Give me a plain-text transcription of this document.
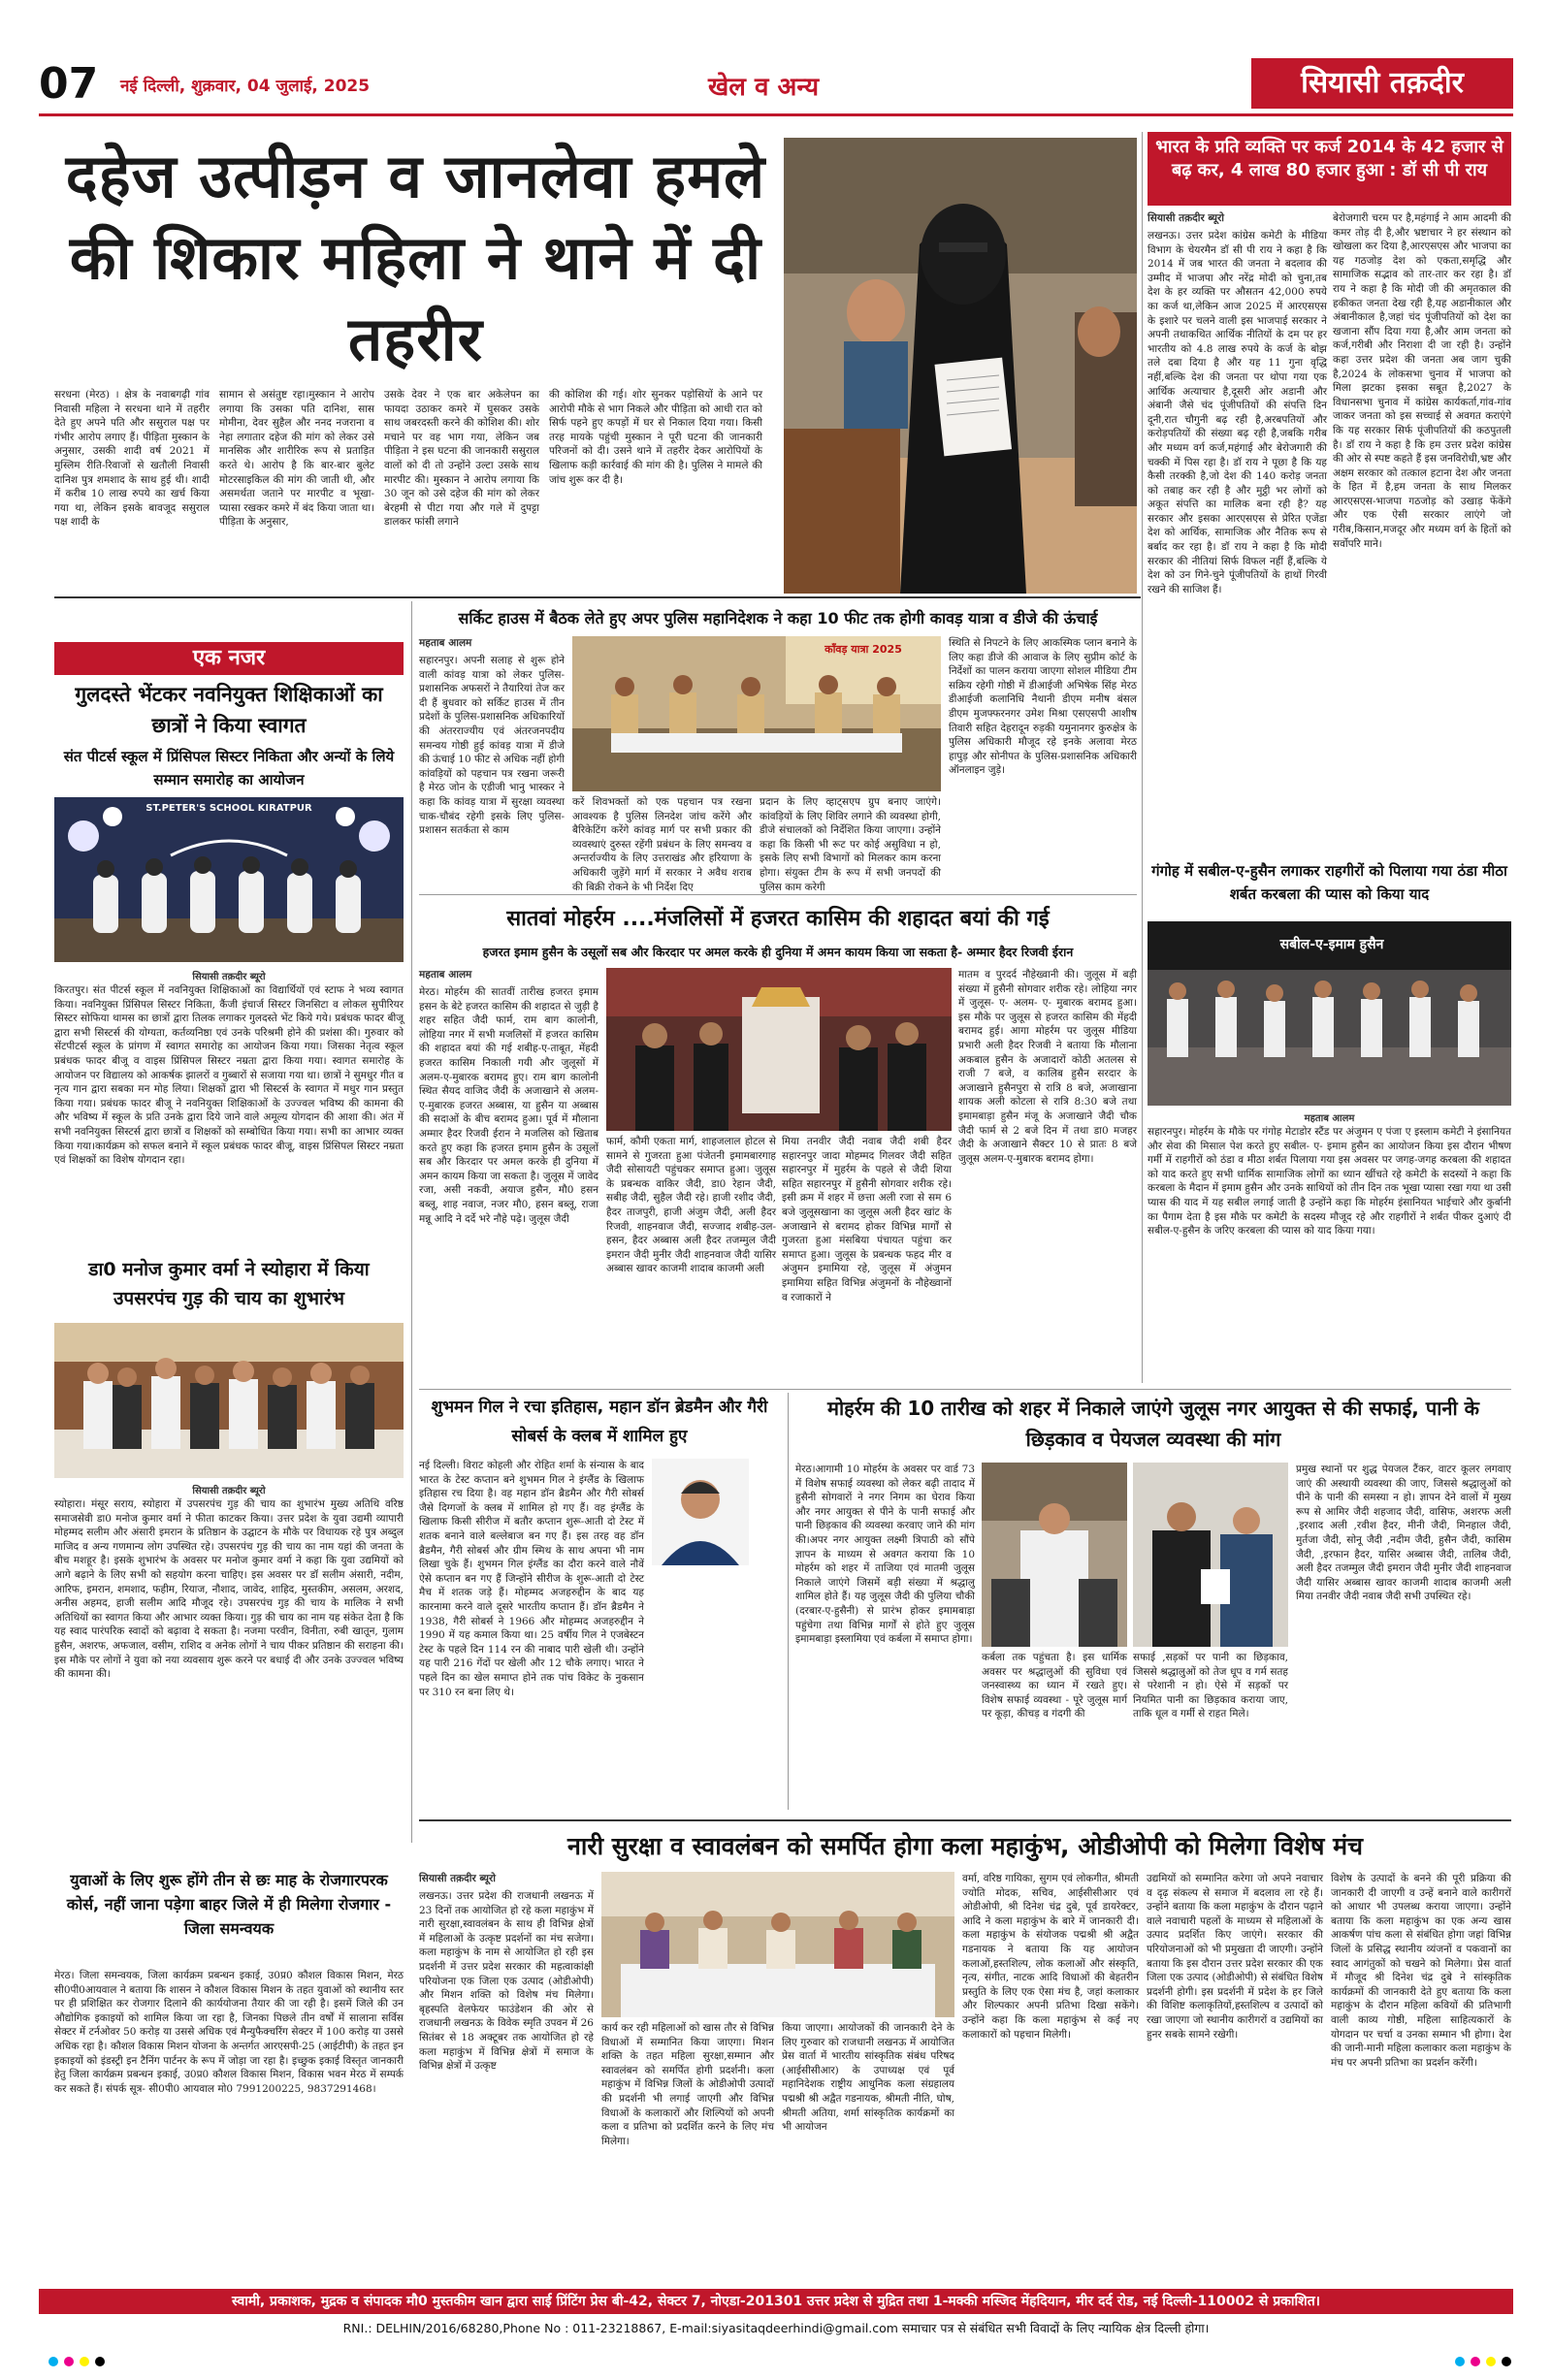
07	नई दिल्ली, शुक्रवार, 04 जुलाई, 2025	खेल व अन्य	सियासी तक़दीर
दहेज उत्पीड़न व जानलेवा हमले की शिकार महिला ने थाने में दी तहरीर
सरधना (मेरठ) । क्षेत्र के नवाबगढ़ी गांव निवासी महिला ने सरधना थाने में तहरीर देते हुए अपने पति और ससुराल पक्ष पर गंभीर आरोप लगाए हैं। पीड़िता मुस्कान के अनुसार, उसकी शादी वर्ष 2021 में मुस्लिम रीति-रिवाजों से खतौली निवासी दानिश पुत्र शमशाद के साथ हुई थी। शादी में करीब 10 लाख रुपये का खर्च किया गया था, लेकिन इसके बावजूद ससुराल पक्ष शादी के
सामान से असंतुष्ट रहा।मुस्कान ने आरोप लगाया कि उसका पति दानिश, सास मोमीना, देवर सुहैल और ननद नजराना व नेहा लगातार दहेज की मांग को लेकर उसे मानसिक और शारीरिक रूप से प्रताड़ित करते थे। आरोप है कि बार-बार बुलेट मोटरसाइकिल की मांग की जाती थी, और असमर्थता जताने पर मारपीट व भूखा-प्यासा रखकर कमरे में बंद किया जाता था। पीड़िता के अनुसार,
उसके देवर ने एक बार अकेलेपन का फायदा उठाकर कमरे में घुसकर उसके साथ जबरदस्ती करने की कोशिश की। शोर मचाने पर वह भाग गया, लेकिन जब पीड़िता ने इस घटना की जानकारी ससुराल वालों को दी तो उन्होंने उल्टा उसके साथ मारपीट की। मुस्कान ने आरोप लगाया कि 30 जून को उसे दहेज की मांग को लेकर बेरहमी से पीटा गया और गले में दुपट्टा डालकर फांसी लगाने
की कोशिश की गई। शोर सुनकर पड़ोसियों के आने पर आरोपी मौके से भाग निकले और पीड़िता को आधी रात को सिर्फ पहने हुए कपड़ों में घर से निकाल दिया गया। किसी तरह मायके पहुंची मुस्कान ने पूरी घटना की जानकारी परिजनों को दी। उसने थाने में तहरीर देकर आरोपियों के खिलाफ कड़ी कार्रवाई की मांग की है। पुलिस ने मामले की जांच शुरू कर दी है।
भारत के प्रति व्यक्ति पर कर्ज 2014 के 42 हजार से बढ़ कर, 4 लाख 80 हजार हुआ : डॉ सी पी राय
सियासी तक़दीर ब्यूरो
लखनऊ। उत्तर प्रदेश कांग्रेस कमेटी के मीडिया विभाग के चेयरमैन डॉ सी पी राय ने कहा है कि 2014 में जब भारत की जनता ने बदलाव की उम्मीद में भाजपा और नरेंद्र मोदी को चुना,तब देश के हर व्यक्ति पर औसतन 42,000 रुपये का कर्ज था,लेकिन आज 2025 में आरएसएस के इशारे पर चलने वाली इस भाजपाई सरकार ने अपनी तथाकथित आर्थिक नीतियों के दम पर हर भारतीय को 4.8 लाख रुपये के कर्ज के बोझ तले दबा दिया है और यह 11 गुना वृद्धि नहीं,बल्कि देश की जनता पर थोपा गया एक आर्थिक अत्याचार है,दूसरी ओर अडानी और अंबानी जैसे चंद पूंजीपतियों की संपत्ति दिन दूनी,रात चौगुनी बढ़ रही है,अरबपतियों और करोड़पतियों की संख्या बढ़ रही है,जबकि गरीब और मध्यम वर्ग कर्ज,महंगाई और बेरोजगारी की चक्की में पिस रहा है। डॉ राय ने पूछा है कि यह कैसी तरक्की है,जो देश की 140 करोड़ जनता को तबाह कर रही है और मुट्ठी भर लोगों को अकूत संपत्ति का मालिक बना रही है? यह सरकार और इसका आरएसएस से प्रेरित एजेंडा देश को आर्थिक, सामाजिक और नैतिक रूप से बर्बाद कर रहा है। डॉ राय ने कहा है कि मोदी सरकार की नीतियां सिर्फ विफल नहीं हैं,बल्कि ये देश को उन गिने-चुने पूंजीपतियों के हाथों गिरवी रखने की साजिश हैं।
बेरोजगारी चरम पर है,महंगाई ने आम आदमी की कमर तोड़ दी है,और भ्रष्टाचार ने हर संस्थान को खोखला कर दिया है,आरएसएस और भाजपा का यह गठजोड़ देश को एकता,समृद्धि और सामाजिक सद्भाव को तार-तार कर रहा है। डॉ राय ने कहा है कि मोदी जी की अमृतकाल की हकीकत जनता देख रही है,यह अडानीकाल और अंबानीकाल है,जहां चंद पूंजीपतियों को देश का खजाना सौंप दिया गया है,और आम जनता को कर्ज,गरीबी और निराशा दी जा रही है। उन्होंने कहा उत्तर प्रदेश की जनता अब जाग चुकी है,2024 के लोकसभा चुनाव में भाजपा को मिला झटका इसका सबूत है,2027 के विधानसभा चुनाव में कांग्रेस कार्यकर्ता,गांव-गांव जाकर जनता को इस सच्चाई से अवगत कराएंगे कि यह सरकार सिर्फ पूंजीपतियों की कठपुतली है। डॉ राय ने कहा है कि हम उत्तर प्रदेश कांग्रेस की ओर से स्पष्ट कहते हैं इस जनविरोधी,भ्रष्ट और अक्षम सरकार को तत्काल हटाना देश और जनता के हित में है,हम जनता के साथ मिलकर आरएसएस-भाजपा गठजोड़ को उखाड़ फेंकेंगे और एक ऐसी सरकार लाएंगे जो गरीब,किसान,मजदूर और मध्यम वर्ग के हितों को सर्वोपरि माने।
एक नजर
गुलदस्ते भेंटकर नवनियुक्त शिक्षिकाओं का छात्रों ने किया स्वागत
संत पीटर्स स्कूल में प्रिंसिपल सिस्टर निकिता और अन्यों के लिये सम्मान समारोह का आयोजन
ST.PETER'S SCHOOL KIRATPUR
सियासी तक़दीर ब्यूरो
किरतपुर। संत पीटर्स स्कूल में नवनियुक्त शिक्षिकाओं का विद्यार्थियों एवं स्टाफ ने भव्य स्वागत किया। नवनियुक्त प्रिंसिपल सिस्टर निकिता, कैंजी इंचार्ज सिस्टर जिनसिटा व लोकल सुपीरियर सिस्टर सोफिया थामस का छात्रों द्वारा तिलक लगाकर गुलदस्ते भेंट किये गये। प्रबंधक फादर बीजू द्वारा सभी सिस्टर्स की योग्यता, कर्तव्यनिष्ठा एवं उनके परिश्रमी होने की प्रशंसा की। गुरुवार को सेंटपीटर्स स्कूल के प्रांगण में स्वागत समारोह का आयोजन किया गया। जिसका नेतृत्व स्कूल प्रबंधक फादर बीजू व वाइस प्रिंसिपल सिस्टर नम्रता द्वारा किया गया। स्वागत समारोह के आयोजन पर विद्यालय को आकर्षक झालरों व गुब्बारों से सजाया गया था। छात्रों ने सुमधुर गीत व नृत्य गान द्वारा सबका मन मोह लिया। शिक्षकों द्वारा भी सिस्टर्स के स्वागत में मधुर गान प्रस्तुत किया गया। प्रबंधक फादर बीजू ने नवनियुक्त शिक्षिकाओं के उज्ज्वल भविष्य की कामना की और भविष्य में स्कूल के प्रति उनके द्वारा दिये जाने वाले अमूल्य योगदान की आशा की। अंत में सभी नवनियुक्त सिस्टर्स द्वारा छात्रों व शिक्षकों को सम्बोधित किया गया। सभी का आभार व्यक्त किया गया।कार्यक्रम को सफल बनाने में स्कूल प्रबंधक फादर बीजू, वाइस प्रिंसिपल सिस्टर नम्रता एवं शिक्षकों का विशेष योगदान रहा।
डा0 मनोज कुमार वर्मा ने स्योहारा में किया उपसरपंच गुड़ की चाय का शुभारंभ
सियासी तक़दीर ब्यूरो
स्योहारा। मंसूर सराय, स्योहारा में उपसरपंच गुड़ की चाय का शुभारंभ मुख्य अतिथि वरिष्ठ समाजसेवी डा0 मनोज कुमार वर्मा ने फीता काटकर किया। उत्तर प्रदेश के युवा उद्यमी व्यापारी मोहम्मद सलीम और अंसारी इमरान के प्रतिष्ठान के उद्घाटन के मौके पर विधायक रहे पुत्र अब्दुल माजिद व अन्य गणमान्य लोग उपस्थित रहे। उपसरपंच गुड़ की चाय का नाम यहां की जनता के बीच मशहूर है। इसके शुभारंभ के अवसर पर मनोज कुमार वर्मा ने कहा कि युवा उद्यमियों को आगे बढ़ाने के लिए सभी को सहयोग करना चाहिए। इस अवसर पर डॉ सलीम अंसारी, नदीम, आरिफ, इमरान, शमशाद, फहीम, रियाज, नौशाद, जावेद, शाहिद, मुस्तकीम, असलम, अरशद, अनीस अहमद, हाजी सलीम आदि मौजूद रहे। उपसरपंच गुड़ की चाय के मालिक ने सभी अतिथियों का स्वागत किया और आभार व्यक्त किया। गुड़ की चाय का नाम यह संकेत देता है कि यह स्वाद पारंपरिक स्वादों को बढ़ावा दे सकता है। नजमा परवीन, विनीता, रुबी खातून, गुलाम हुसैन, अशरफ, अफजाल, वसीम, राशिद व अनेक लोगों ने चाय पीकर प्रतिष्ठान की सराहना की। इस मौके पर लोगों ने युवा को नया व्यवसाय शुरू करने पर बधाई दी और उनके उज्ज्वल भविष्य की कामना की।
युवाओं के लिए शुरू होंगे तीन से छः माह के रोजगारपरक कोर्स, नहीं जाना पड़ेगा बाहर जिले में ही मिलेगा रोजगार - जिला समन्वयक
मेरठ। जिला समन्वयक, जिला कार्यक्रम प्रबन्धन इकाई, उ0प्र0 कौशल विकास मिशन, मेरठ सी0पी0आयवाल ने बताया कि शासन ने कौशल विकास मिशन के तहत युवाओं को स्थानीय स्तर पर ही प्रशिक्षित कर रोजगार दिलाने की कार्ययोजना तैयार की जा रही है। इसमें जिले की उन औद्योगिक इकाइयों को शामिल किया जा रहा है, जिनका पिछले तीन वर्षों में सालाना सर्विस सेक्टर में टर्नओवर 50 करोड़ या उससे अधिक एवं मैन्युफैक्चरिंग सेक्टर में 100 करोड़ या उससे अधिक रहा है। कौशल विकास मिशन योजना के अन्तर्गत आरएसपी-25 (आईटीपी) के तहत इन इकाइयों को इंडस्ट्री इन टैनिंग पार्टनर के रूप में जोड़ा जा रहा है। इच्छुक इकाई विस्तृत जानकारी हेतु जिला कार्यक्रम प्रबन्धन इकाई, उ0प्र0 कौशल विकास मिशन, विकास भवन मेरठ में सम्पर्क कर सकते हैं। संपर्क सूत्र- सी0पी0 आयवाल मो0 7991200225, 9837291468।
सर्किट हाउस में बैठक लेते हुए अपर पुलिस महानिदेशक ने कहा 10 फीट तक होगी कावड़ यात्रा व डीजे की ऊंचाई
महताब आलम
सहारनपुर। अपनी सलाह से शुरू होने वाली कांवड़ यात्रा को लेकर पुलिस-प्रशासनिक अफसरों ने तैयारियां तेज कर दी हैं बुधवार को सर्किट हाउस में तीन प्रदेशों के पुलिस-प्रशासनिक अधिकारियों की अंतरराज्यीय एवं अंतरजनपदीय समन्वय गोष्ठी हुई कांवड़ यात्रा में डीजे की ऊंचाई 10 फीट से अधिक नहीं होगी कांवड़ियों को पहचान पत्र रखना जरूरी है मेरठ जोन के एडीजी भानु भास्कर ने कहा कि कांवड़ यात्रा में सुरक्षा व्यवस्था चाक-चौबंद रहेगी इसके लिए पुलिस-प्रशासन सतर्कता से काम
काँवड़ यात्रा 2025
करें शिवभक्तों को एक पहचान पत्र रखना आवश्यक है पुलिस लिनदेश जांच करेंगे और बैरिकेटिंग करेंगे कांवड़ मार्ग पर सभी प्रकार की व्यवस्थाएं दुरुस्त रहेंगी प्रबंधन के लिए समन्वय व अन्तर्राज्यीय के लिए उत्तराखंड और हरियाणा के अधिकारी जुड़ेंगे मार्ग में सरकार ने अवैध शराब की बिक्री रोकने के भी निर्देश दिए
प्रदान के लिए व्हाट्सएप ग्रुप बनाए जाएंगे। कांवड़ियों के लिए शिविर लगाने की व्यवस्था होगी, डीजे संचालकों को निर्देशित किया जाएगा। उन्होंने कहा कि किसी भी रूट पर कोई असुविधा न हो, इसके लिए सभी विभागों को मिलकर काम करना होगा। संयुक्त टीम के रूप में सभी जनपदों की पुलिस काम करेगी
स्थिति से निपटने के लिए आकस्मिक प्लान बनाने के लिए कहा डीजे की आवाज के लिए सुप्रीम कोर्ट के निर्देशों का पालन कराया जाएगा सोशल मीडिया टीम सक्रिय रहेगी गोष्ठी में डीआईजी अभिषेक सिंह मेरठ डीआईजी कलानिधि नैथानी डीएम मनीष बंसल डीएम मुजफ्फरनगर उमेश मिश्रा एसएसपी आशीष तिवारी सहित देहरादून रुड़की यमुनानगर कुरुक्षेत्र के पुलिस अधिकारी मौजूद रहे इनके अलावा मेरठ हापुड़ और सोनीपत के पुलिस-प्रशासनिक अधिकारी ऑनलाइन जुड़े।
गंगोह में सबील-ए-हुसैन लगाकर राहगीरों को पिलाया गया ठंडा मीठा शर्बत करबला की प्यास को किया याद
सबील-ए-इमाम हुसैन
महताब आलम
सहारनपुर। मोहर्रम के मौके पर गंगोह मेटाडोर स्टैंड पर अंजुमन ए पंजा ए इस्लाम कमेटी ने इंसानियत और सेवा की मिसाल पेश करते हुए सबील- ए- इमाम हुसैन का आयोजन किया इस दौरान भीषण गर्मी में राहगीरों को ठंडा व मीठा शर्बत पिलाया गया इस अवसर पर जगह-जगह करबला की शहादत को याद करते हुए सभी धार्मिक सामाजिक लोगों का ध्यान खींचते रहे कमेटी के सदस्यों ने कहा कि करबला के मैदान में इमाम हुसैन और उनके साथियों को तीन दिन तक भूखा प्यासा रखा गया था उसी प्यास की याद में यह सबील लगाई जाती है उन्होंने कहा कि मोहर्रम इंसानियत भाईचारे और कुर्बानी का पैगाम देता है इस मौके पर कमेटी के सदस्य मौजूद रहे और राहगीरों ने शर्बत पीकर दुआएं दी सबील-ए-हुसैन के जरिए करबला की प्यास को याद किया गया।
सातवां मोहर्रम ....मंजलिसों में हजरत कासिम की शहादत बयां की गई
हजरत इमाम हुसैन के उसूलों सब और किरदार पर अमल करके ही दुनिया में अमन कायम किया जा सकता है- अम्मार हैदर रिजवी ईरान
महताब आलम
मेरठ। मोहर्रम की सातवीं तारीख हजरत इमाम हसन के बेटे हजरत कासिम की शहादत से जुड़ी है शहर सहित जैदी फार्म, राम बाग कालोनी, लोहिया नगर में सभी मजलिसों में हजरत कासिम की शहादत बयां की गई शबीह-ए-ताबूत, मेंहदी हजरत कासिम निकाली गयी और जुलूसों में अलम-ए-मुबारक बरामद हुए। राम बाग कालोनी स्थित सैयद वाजिद जैदी के अजाखाने से अलम-ए-मुबारक हजरत अब्बास, या हुसैन या अब्बास की सदाओं के बीच बरामद हुआ। पूर्व में मौलाना अम्मार हैदर रिजवी ईरान ने मजलिस को खिताब करते हुए कहा कि हजरत इमाम हुसैन के उसूलों सब और किरदार पर अमल करके ही दुनिया में अमन कायम किया जा सकता है। जुलूस में जावेद रजा, असी नकवी, अयाज हुसैन, मौ0 हसन बब्लू, शाह नवाज, नजर मौ0, हसन बब्लू, राजा मन्नू आदि ने दर्दे भरे नौहे पढ़े। जुलूस जैदी
फार्म, कौमी एकता मार्ग, शाहजलाल होटल से सामने से गुजरता हुआ पंजेतनी इमामबारगाह जैदी सोसायटी पहुंचकर समाप्त हुआ। जुलूस के प्रबन्धक वाकिर जैदी, डा0 रेहान जैदी, सबीह जैदी, सुहैल जैदी रहे। हाजी रशीद जैदी, हैदर ताजपुरी, हाजी अंजुम जैदी, अली हैदर रिजवी, शाहनवाज जैदी, सज्जाद शबीह-उल-हसन, हैदर अब्बास अली हैदर तजम्मुल जैदी इमरान जैदी मुनीर जैदी शाहनवाज जैदी यासिर अब्बास खावर काजमी शादाब काजमी अली
मिया तनवीर जैदी नवाब जैदी शबी हैदर सहारनपुर जादा मोहम्मद गिलवर जैदी सहित सहारनपुर में मुहर्रम के पहले से जैदी शिया सहित सहारनपुर में हुसैनी सोगवार शरीक रहे। इसी क्रम में शहर में छत्ता अली रजा से सम 6 बजे जुलूसखाना का जुलूस अली हैदर खांट के अजाखाने से बरामद होकर विभिन्न मार्गों से गुजरता हुआ मंसबिया पंचायत पहुंचा कर समाप्त हुआ। जुलूस के प्रबन्धक फहद मीर व अंजुमन इमामिया रहे, जुलूस में अंजुमन इमामिया सहित विभिन्न अंजुमनों के नौहेख्वानों व रजाकारों ने
मातम व पुरदर्द नौहेख्वानी की। जुलूस में बड़ी संख्या में हुसैनी सोगवार शरीक रहे। लोहिया नगर में जुलूस- ए- अलम- ए- मुबारक बरामद हुआ। इस मौके पर जुलूस से हजरत कासिम की मेंहदी बरामद हुई। आगा मोहर्रम पर जुलूस मीडिया प्रभारी अली हैदर रिजवी ने बताया कि मौलाना अकबाल हुसैन के अजादारों कोठी अतलस से राजी 7 बजे, व कालिब हुसैन सरदार के अजाखाने हुसैनपुरा से रात्रि 8 बजे, अजाखाना शायक अली कोटला से रात्रि 8:30 बजे तथा इमामबाड़ा हुसैन मंजू के अजाखाने जैदी चौक जैदी फार्म से 2 बजे दिन में तथा डा0 मजहर जैदी के अजाखाने सैक्टर 10 से प्रातः 8 बजे जुलूस अलम-ए-मुबारक बरामद होगा।
शुभमन गिल ने रचा इतिहास, महान डॉन ब्रेडमैन और गैरी सोबर्स के क्लब में शामिल हुए
नई दिल्ली। विराट कोहली और रोहित शर्मा के संन्यास के बाद भारत के टेस्ट कप्तान बने शुभमन गिल ने इंग्लैंड के खिलाफ इतिहास रच दिया है। वह महान डॉन ब्रैडमैन और गैरी सोबर्स जैसे दिग्गजों के क्लब में शामिल हो गए हैं। वह इंग्लैंड के खिलाफ किसी सीरीज में बतौर कप्तान शुरू-आती दो टेस्ट में शतक बनाने वाले बल्लेबाज बन गए हैं। इस तरह वह डॉन ब्रैडमैन, गैरी सोबर्स और ग्रीम स्मिथ के साथ अपना भी नाम लिखा चुके हैं। शुभमन गिल इंग्लैंड का दौरा करने वाले नौवें ऐसे कप्तान बन गए हैं जिन्होंने सीरीज के शुरू-आती दो टेस्ट मैच में शतक जड़े हैं। मोहम्मद अजहरुद्दीन के बाद यह कारनामा करने वाले दूसरे भारतीय कप्तान हैं। डॉन ब्रैडमैन ने 1938, गैरी सोबर्स ने 1966 और मोहम्मद अजहरुद्दीन ने 1990 में यह कमाल किया था। 25 वर्षीय गिल ने एजबेस्टन टेस्ट के पहले दिन 114 रन की नाबाद पारी खेली थी। उन्होंने यह पारी 216 गेंदों पर खेली और 12 चौके लगाए। भारत ने पहले दिन का खेल समाप्त होने तक पांच विकेट के नुकसान पर 310 रन बना लिए थे।
मोहर्रम की 10 तारीख को शहर में निकाले जाएंगे जुलूस नगर आयुक्त से की सफाई, पानी के छिड़काव व पेयजल व्यवस्था की मांग
मेरठ।आगामी 10 मोहर्रम के अवसर पर वार्ड 73 में विशेष सफाई व्यवस्था को लेकर बढ़ी तादाद में हुसैनी सोगवारों ने नगर निगम का घेराव किया और नगर आयुक्त से पीने के पानी सफाई और पानी छिड़काव की व्यवस्था करवाए जाने की मांग की।अपर नगर आयुक्त लक्ष्मी त्रिपाठी को सौंपे ज्ञापन के माध्यम से अवगत कराया कि 10 मोहर्रम को शहर में ताजिया एवं मातमी जुलूस निकाले जाएंगे जिसमें बड़ी संख्या में श्रद्धालु शामिल होते हैं। यह जुलूस जैदी की पुलिया चौकी (दरबार-ए-हुसैनी) से प्रारंभ होकर इमामबाड़ा पहुंचेगा तथा विभिन्न मार्गों से होते हुए जुलूस इमामबाड़ा इस्लामिया एवं कर्बला में समाप्त होगा।
कर्बला तक पहुंचता है। इस धार्मिक अवसर पर श्रद्धालुओं की सुविधा एवं जनस्वास्थ्य का ध्यान में रखते हुए। विशेष सफाई व्यवस्था - पूरे जुलूस मार्ग पर कूड़ा, कीचड़ व गंदगी की
सफाई ,सड़कों पर पानी का छिड़काव, जिससे श्रद्धालुओं को तेज धूप व गर्म सतह से परेशानी न हो। ऐसे में सड़कों पर नियमित पानी का छिड़काव कराया जाए, ताकि धूल व गर्मी से राहत मिले।
प्रमुख स्थानों पर शुद्ध पेयजल टैंकर, वाटर कूलर लगवाए जाएं की अस्थायी व्यवस्था की जाए, जिससे श्रद्धालुओं को पीने के पानी की समस्या न हो। ज्ञापन देने वालों में मुख्य रूप से आमिर जैदी शहजाद जैदी, वासिफ, अशरफ अली ,इरशाद अली ,रवीश हैदर, मीनी जैदी, मिनहाल जैदी, मुर्तजा जैदी, सोनू जैदी ,नदीम जैदी, हुसैन जैदी, कासिम जैदी, ,इरफान हैदर, यासिर अब्बास जैदी, तालिब जैदी, अली हैदर तजम्मुल जैदी इमरान जैदी मुनीर जैदी शाहनवाज जैदी यासिर अब्बास खावर काजमी शादाब काजमी अली मिया तनवीर जैदी नवाब जैदी सभी उपस्थित रहे।
नारी सुरक्षा व स्वावलंबन को समर्पित होगा कला महाकुंभ, ओडीओपी को मिलेगा विशेष मंच
सियासी तक़दीर ब्यूरो
लखनऊ। उत्तर प्रदेश की राजधानी लखनऊ में 23 दिनों तक आयोजित हो रहे कला महाकुंभ में नारी सुरक्षा,स्वावलंबन के साथ ही विभिन्न क्षेत्रों में महिलाओं के उत्कृष्ट प्रदर्शनों का मंच सजेगा। कला महाकुंभ के नाम से आयोजित हो रही इस प्रदर्शनी में उत्तर प्रदेश सरकार की महत्वाकांक्षी परियोजना एक जिला एक उत्पाद (ओडीओपी) और मिशन शक्ति को विशेष मंच मिलेगा। बृहस्पति वेलफेयर फाउंडेशन की ओर से राजधानी लखनऊ के विवेक स्मृति उपवन में 26 सितंबर से 18 अक्टूबर तक आयोजित हो रहे कला महाकुंभ में विभिन्न क्षेत्रों में समाज के विभिन्न क्षेत्रों में उत्कृष्ट
कार्य कर रही महिलाओं को खास तौर से विभिन्न विधाओं में सम्मानित किया जाएगा। मिशन शक्ति के तहत महिला सुरक्षा,सम्मान और स्वावलंबन को समर्पित होगी प्रदर्शनी। कला महाकुंभ में विभिन्न जिलों के ओडीओपी उत्पादों की प्रदर्शनी भी लगाई जाएगी और विभिन्न विधाओं के कलाकारों और शिल्पियों को अपनी कला व प्रतिभा को प्रदर्शित करने के लिए मंच मिलेगा।
किया जाएगा। आयोजकों की जानकारी देने के लिए गुरुवार को राजधानी लखनऊ में आयोजित प्रेस वार्ता में भारतीय सांस्कृतिक संबंध परिषद (आईसीसीआर) के उपाध्यक्ष एवं पूर्व महानिदेशक राष्ट्रीय आधुनिक कला संग्रहालय पद्मश्री श्री अद्वैत गडनायक, श्रीमती नीति, घोष, श्रीमती अतिया, शर्मा सांस्कृतिक कार्यक्रमों का भी आयोजन
वर्मा, वरिष्ठ गायिका, सुगम एवं लोकगीत, श्रीमती ज्योति मोदक, सचिव, आईसीसीआर एवं ओडीओपी, श्री दिनेश चंद्र दुबे, पूर्व डायरेक्टर, आदि ने कला महाकुंभ के बारे में जानकारी दी। कला महाकुंभ के संयोजक पद्मश्री श्री अद्वैत गडनायक ने बताया कि यह आयोजन कलाओं,हस्तशिल्प, लोक कलाओं और संस्कृति, नृत्य, संगीत, नाटक आदि विधाओं की बेहतरीन प्रस्तुति के लिए एक ऐसा मंच है, जहां कलाकार और शिल्पकार अपनी प्रतिभा दिखा सकेंगे। उन्होंने कहा कि कला महाकुंभ से कई नए कलाकारों को पहचान मिलेगी।
उद्यमियों को सम्मानित करेगा जो अपने नवाचार व दृढ़ संकल्प से समाज में बदलाव ला रहे हैं। उन्होंने बताया कि कला महाकुंभ के दौरान पढ़ाने वाले नवाचारी पहलों के माध्यम से महिलाओं के उत्पाद प्रदर्शित किए जाएंगे। सरकार की परियोजनाओं को भी प्रमुखता दी जाएगी। उन्होंने बताया कि इस दौरान उत्तर प्रदेश सरकार की एक जिला एक उत्पाद (ओडीओपी) से संबंधित विशेष प्रदर्शनी होगी। इस प्रदर्शनी में प्रदेश के हर जिले की विशिष्ट कलाकृतियों,हस्तशिल्प व उत्पादों को रखा जाएगा जो स्थानीय कारीगरों व उद्यमियों का हुनर सबके सामने रखेगी।
विशेष के उत्पादों के बनने की पूरी प्रक्रिया की जानकारी दी जाएगी व उन्हें बनाने वाले कारीगरों को आधार भी उपलब्ध कराया जाएगा। उन्होंने बताया कि कला महाकुंभ का एक अन्य खास आकर्षण पांच कला से संबंधित होगा जहां विभिन्न जिलों के प्रसिद्ध स्थानीय व्यंजनों व पकवानों का स्वाद आगंतुकों को चखने को मिलेगा। प्रेस वार्ता में मौजूद श्री दिनेश चंद्र दुबे ने सांस्कृतिक कार्यक्रमों की जानकारी देते हुए बताया कि कला महाकुंभ के दौरान महिला कवियों की प्रतिभागी वाली काव्य गोष्ठी, महिला साहित्यकारों के योगदान पर चर्चा व उनका सम्मान भी होगा। देश की जानी-मानी महिला कलाकार कला महाकुंभ के मंच पर अपनी प्रतिभा का प्रदर्शन करेंगी।
स्वामी, प्रकाशक, मुद्रक व संपादक मौ0 मुस्तकीम खान द्वारा साई प्रिंटिंग प्रेस बी-42, सेक्टर 7, नोएडा-201301 उत्तर प्रदेश से मुद्रित तथा 1-मक्की मस्जिद मेंहदियान, मीर दर्द रोड, नई दिल्ली-110002 से प्रकाशित।
RNI.: DELHIN/2016/68280,Phone No : 011-23218867, E-mail:siyasitaqdeerhindi@gmail.com समाचार पत्र से संबंधित सभी विवादों के लिए न्यायिक क्षेत्र दिल्ली होगा।
